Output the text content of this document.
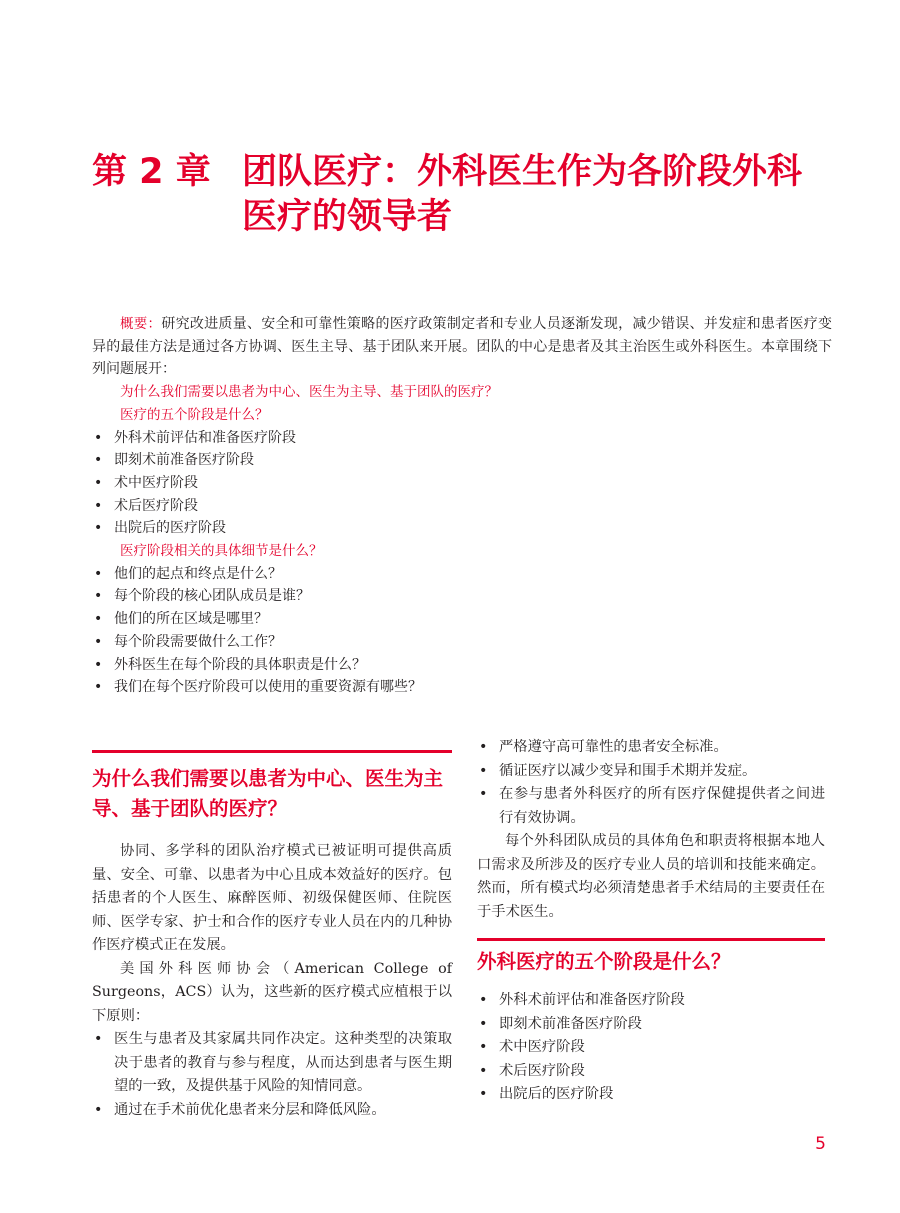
第 2 章 团队医疗：外科医生作为各阶段外科
医疗的领导者

概要：研究改进质量、安全和可靠性策略的医疗政策制定者和专业人员逐渐发现，减少错误、并发症和患者医疗变异的最佳方法是通过各方协调、医生主导、基于团队来开展。团队的中心是患者及其主治医生或外科医生。本章围绕下列问题展开：

为什么我们需要以患者为中心、医生为主导、基于团队的医疗？
医疗的五个阶段是什么？
• 外科术前评估和准备医疗阶段
• 即刻术前准备医疗阶段
• 术中医疗阶段
• 术后医疗阶段
• 出院后的医疗阶段
医疗阶段相关的具体细节是什么？
• 他们的起点和终点是什么？
• 每个阶段的核心团队成员是谁？
• 他们的所在区域是哪里？
• 每个阶段需要做什么工作？
• 外科医生在每个阶段的具体职责是什么？
• 我们在每个医疗阶段可以使用的重要资源有哪些？
为什么我们需要以患者为中心、医生为主导、基于团队的医疗？

协同、多学科的团队治疗模式已被证明可提供高质量、安全、可靠、以患者为中心且成本效益好的医疗。包括患者的个人医生、麻醉医师、初级保健医师、住院医师、医学专家、护士和合作的医疗专业人员在内的几种协作医疗模式正在发展。

美国外科医师协会（American College of Surgeons，ACS）认为，这些新的医疗模式应植根于以下原则：

• 医生与患者及其家属共同作决定。这种类型的决策取决于患者的教育与参与程度，从而达到患者与医生期望的一致，及提供基于风险的知情同意。
• 通过在手术前优化患者来分层和降低风险。
• 严格遵守高可靠性的患者安全标准。
• 循证医疗以减少变异和围手术期并发症。
• 在参与患者外科医疗的所有医疗保健提供者之间进行有效协调。

每个外科团队成员的具体角色和职责将根据本地人口需求及所涉及的医疗专业人员的培训和技能来确定。然而，所有模式均必须清楚患者手术结局的主要责任在于手术医生。

外科医疗的五个阶段是什么？
• 外科术前评估和准备医疗阶段
• 即刻术前准备医疗阶段
• 术中医疗阶段
• 术后医疗阶段
• 出院后的医疗阶段
5
